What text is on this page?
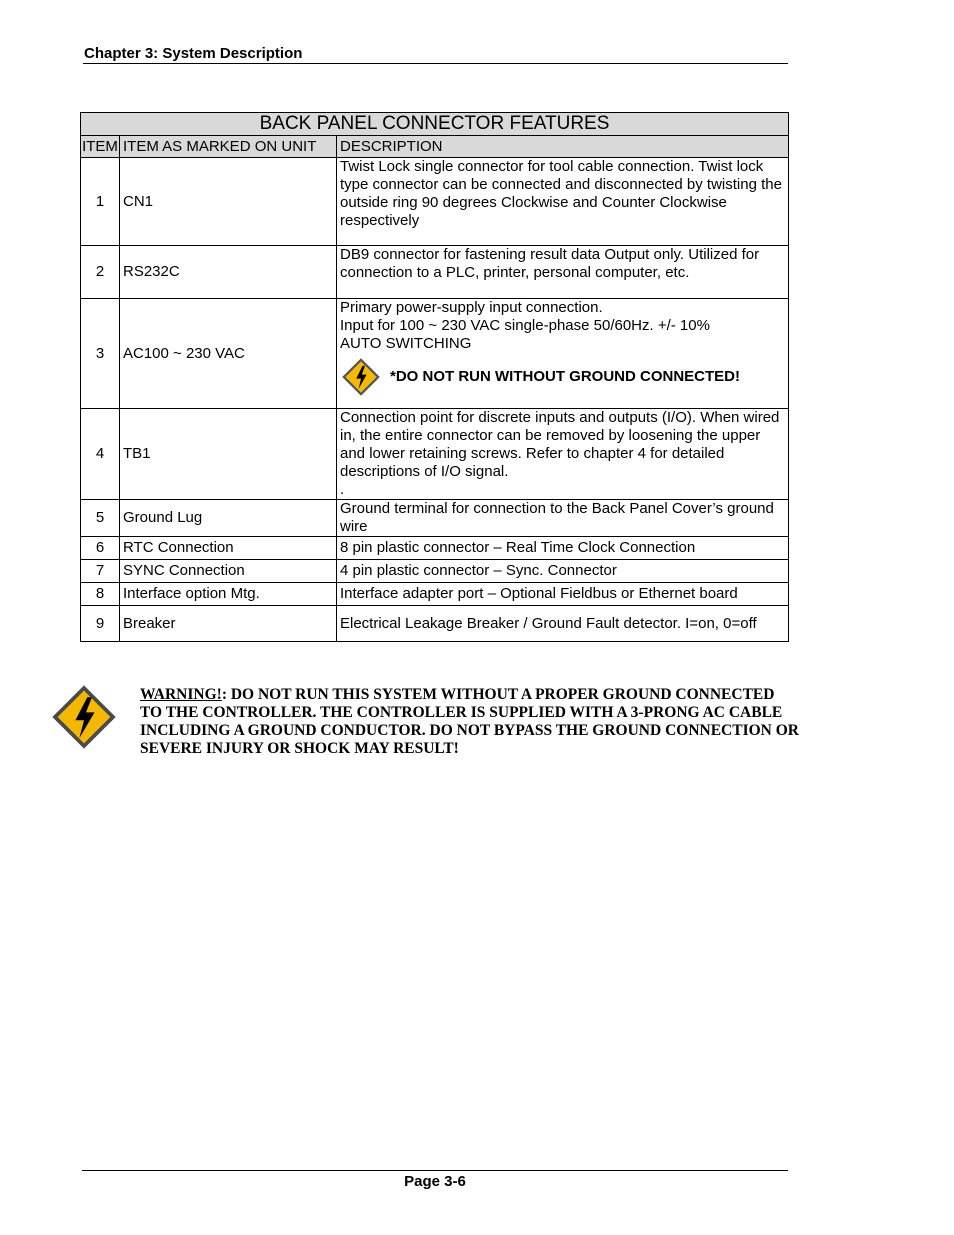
Chapter 3: System Description
BACK PANEL CONNECTOR FEATURES		
ITEM	ITEM AS MARKED ON UNIT	DESCRIPTION
1	CN1	Twist Lock single connector for tool cable connection. Twist lock type connector can be connected and disconnected by twisting the outside ring 90 degrees Clockwise and Counter Clockwise respectively
2	RS232C	DB9 connector for fastening result data Output only. Utilized for connection to a PLC, printer, personal computer, etc.
3	AC100 ~ 230 VAC	Primary power-supply input connection.
Input for 100 ~ 230 VAC single-phase 50/60Hz. +/- 10%
AUTO SWITCHING
*DO NOT RUN WITHOUT GROUND CONNECTED!

4	TB1	Connection point for discrete inputs and outputs (I/O). When wired in, the entire connector can be removed by loosening the upper and lower retaining screws. Refer to chapter 4 for detailed descriptions of I/O signal.
.

5	Ground Lug	Ground terminal for connection to the Back Panel Cover’s ground wire
6	RTC Connection	8 pin plastic connector – Real Time Clock Connection
7	SYNC Connection	4 pin plastic connector – Sync. Connector
8	Interface option Mtg.	Interface adapter port – Optional Fieldbus or Ethernet board
9	Breaker	Electrical Leakage Breaker / Ground Fault detector. I=on, 0=off
WARNING!: DO NOT RUN THIS SYSTEM WITHOUT A PROPER GROUND CONNECTED TO THE CONTROLLER. THE CONTROLLER IS SUPPLIED WITH A 3-PRONG AC CABLE INCLUDING A GROUND CONDUCTOR. DO NOT BYPASS THE GROUND CONNECTION OR SEVERE INJURY OR SHOCK MAY RESULT!
Page 3-6
